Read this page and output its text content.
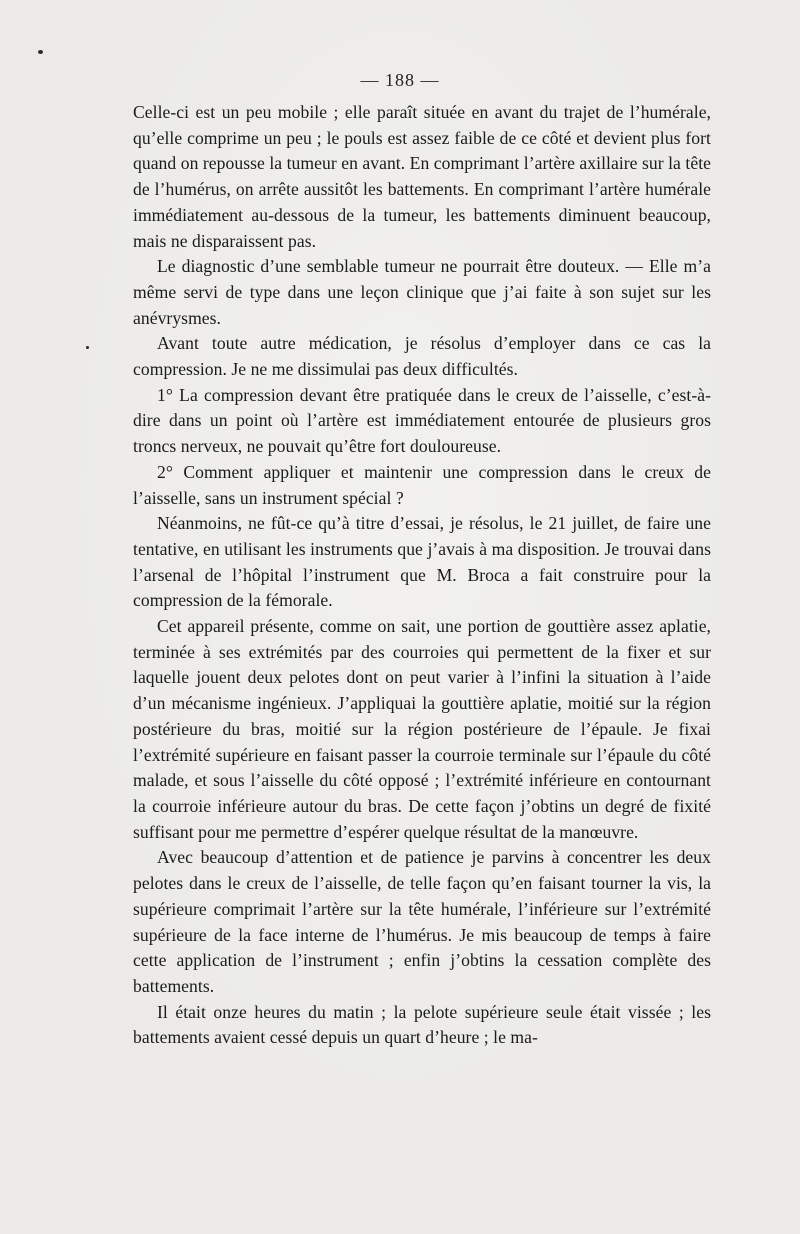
— 188 —

Celle-ci est un peu mobile ; elle paraît située en avant du trajet de l’humérale, qu’elle comprime un peu ; le pouls est assez faible de ce côté et devient plus fort quand on repousse la tumeur en avant. En comprimant l’artère axillaire sur la tête de l’humérus, on arrête aussitôt les battements. En comprimant l’artère humérale immédiatement au-dessous de la tumeur, les battements diminuent beaucoup, mais ne disparaissent pas.

Le diagnostic d’une semblable tumeur ne pourrait être douteux. — Elle m’a même servi de type dans une leçon clinique que j’ai faite à son sujet sur les anévrysmes.

Avant toute autre médication, je résolus d’employer dans ce cas la compression. Je ne me dissimulai pas deux difficultés.

1° La compression devant être pratiquée dans le creux de l’aisselle, c’est-à-dire dans un point où l’artère est immédiatement entourée de plusieurs gros troncs nerveux, ne pouvait qu’être fort douloureuse.

2° Comment appliquer et maintenir une compression dans le creux de l’aisselle, sans un instrument spécial ?

Néanmoins, ne fût-ce qu’à titre d’essai, je résolus, le 21 juillet, de faire une tentative, en utilisant les instruments que j’avais à ma disposition. Je trouvai dans l’arsenal de l’hôpital l’instrument que M. Broca a fait construire pour la compression de la fémorale.

Cet appareil présente, comme on sait, une portion de gouttière assez aplatie, terminée à ses extrémités par des courroies qui permettent de la fixer et sur laquelle jouent deux pelotes dont on peut varier à l’infini la situation à l’aide d’un mécanisme ingénieux. J’appliquai la gouttière aplatie, moitié sur la région postérieure du bras, moitié sur la région postérieure de l’épaule. Je fixai l’extrémité supérieure en faisant passer la courroie terminale sur l’épaule du côté malade, et sous l’aisselle du côté opposé ; l’extrémité inférieure en contournant la courroie inférieure autour du bras. De cette façon j’obtins un degré de fixité suffisant pour me permettre d’espérer quelque résultat de la manœuvre.

Avec beaucoup d’attention et de patience je parvins à concentrer les deux pelotes dans le creux de l’aisselle, de telle façon qu’en faisant tourner la vis, la supérieure comprimait l’artère sur la tête humérale, l’inférieure sur l’extrémité supérieure de la face interne de l’humérus. Je mis beaucoup de temps à faire cette application de l’instrument ; enfin j’obtins la cessation complète des battements.

Il était onze heures du matin ; la pelote supérieure seule était vissée ; les battements avaient cessé depuis un quart d’heure ; le ma-
